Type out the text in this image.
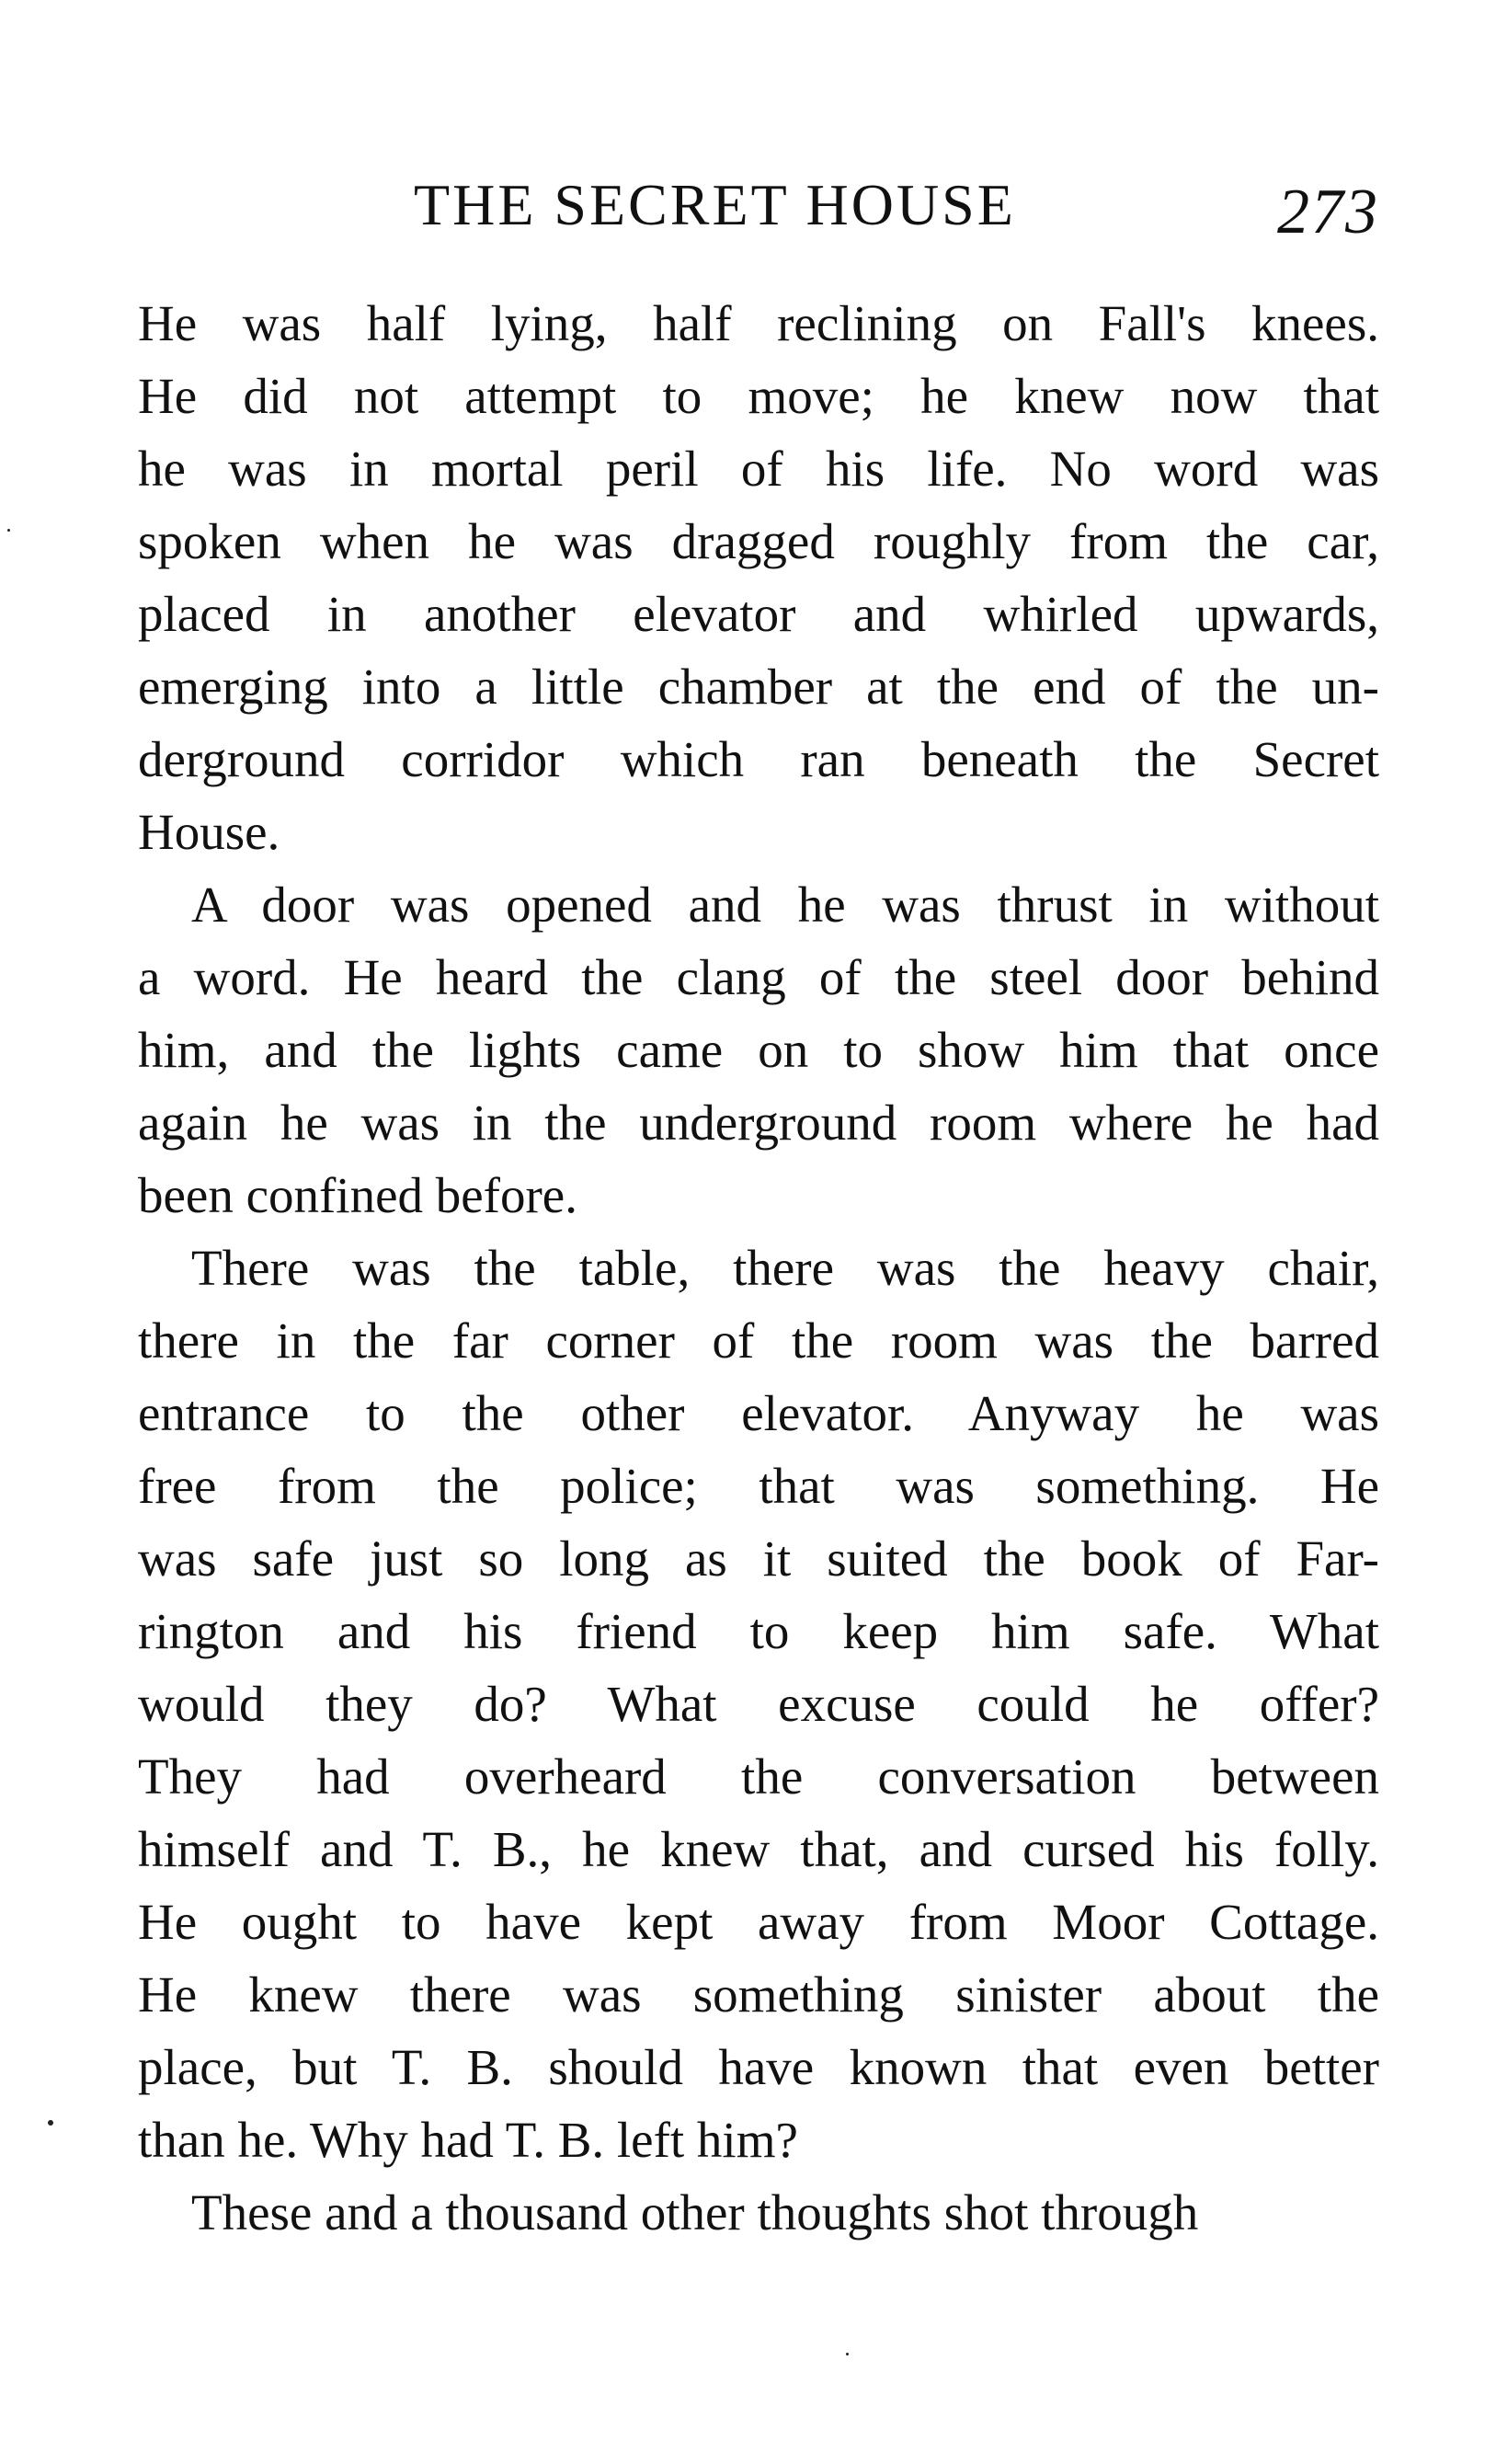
THE SECRET HOUSE	273
He was half lying, half reclining on Fall's knees.
He did not attempt to move; he knew now that
he was in mortal peril of his life. No word was
spoken when he was dragged roughly from the car,
placed in another elevator and whirled upwards,
emerging into a little chamber at the end of the un-
derground corridor which ran beneath the Secret
House.
A door was opened and he was thrust in without
a word. He heard the clang of the steel door behind
him, and the lights came on to show him that once
again he was in the underground room where he had
been confined before.
There was the table, there was the heavy chair,
there in the far corner of the room was the barred
entrance to the other elevator. Anyway he was
free from the police; that was something. He
was safe just so long as it suited the book of Far-
rington and his friend to keep him safe. What
would they do? What excuse could he offer?
They had overheard the conversation between
himself and T. B., he knew that, and cursed his folly.
He ought to have kept away from Moor Cottage.
He knew there was something sinister about the
place, but T. B. should have known that even better
than he. Why had T. B. left him?
These and a thousand other thoughts shot through
